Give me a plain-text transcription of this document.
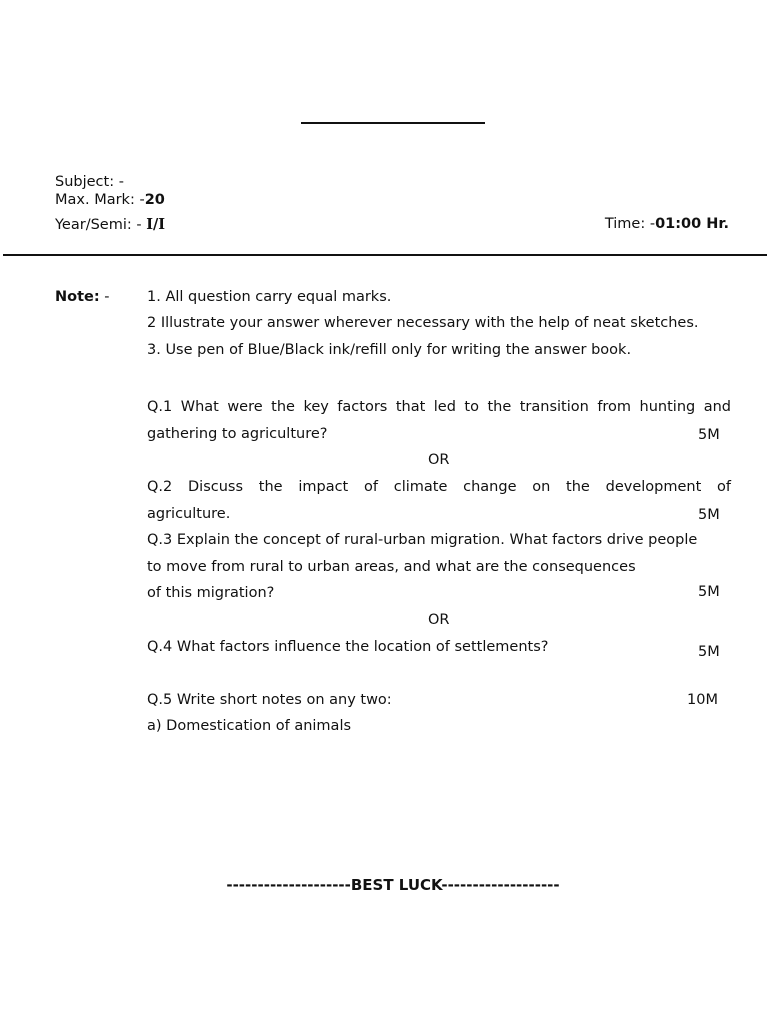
Subject: -
Max. Mark: -20
Year/Semi: - I/I	Time: -01:00 Hr.
Note: -	1. All question carry equal marks.
2 Illustrate your answer wherever necessary with the help of neat sketches.
3. Use pen of Blue/Black ink/refill only for writing the answer book.
Q.1 What were the key factors that led to the transition from hunting and
gathering to agriculture?	5M
OR
Q.2 Discuss the impact of climate change on the development of
agriculture.	5M
Q.3 Explain the concept of rural-urban migration. What factors drive people
to move from rural to urban areas, and what are the consequences
of this migration?	5M
OR
Q.4 What factors influence the location of settlements?	5M
Q.5 Write short notes on any two:	10M
a) Domestication of animals
--------------------BEST LUCK-------------------
